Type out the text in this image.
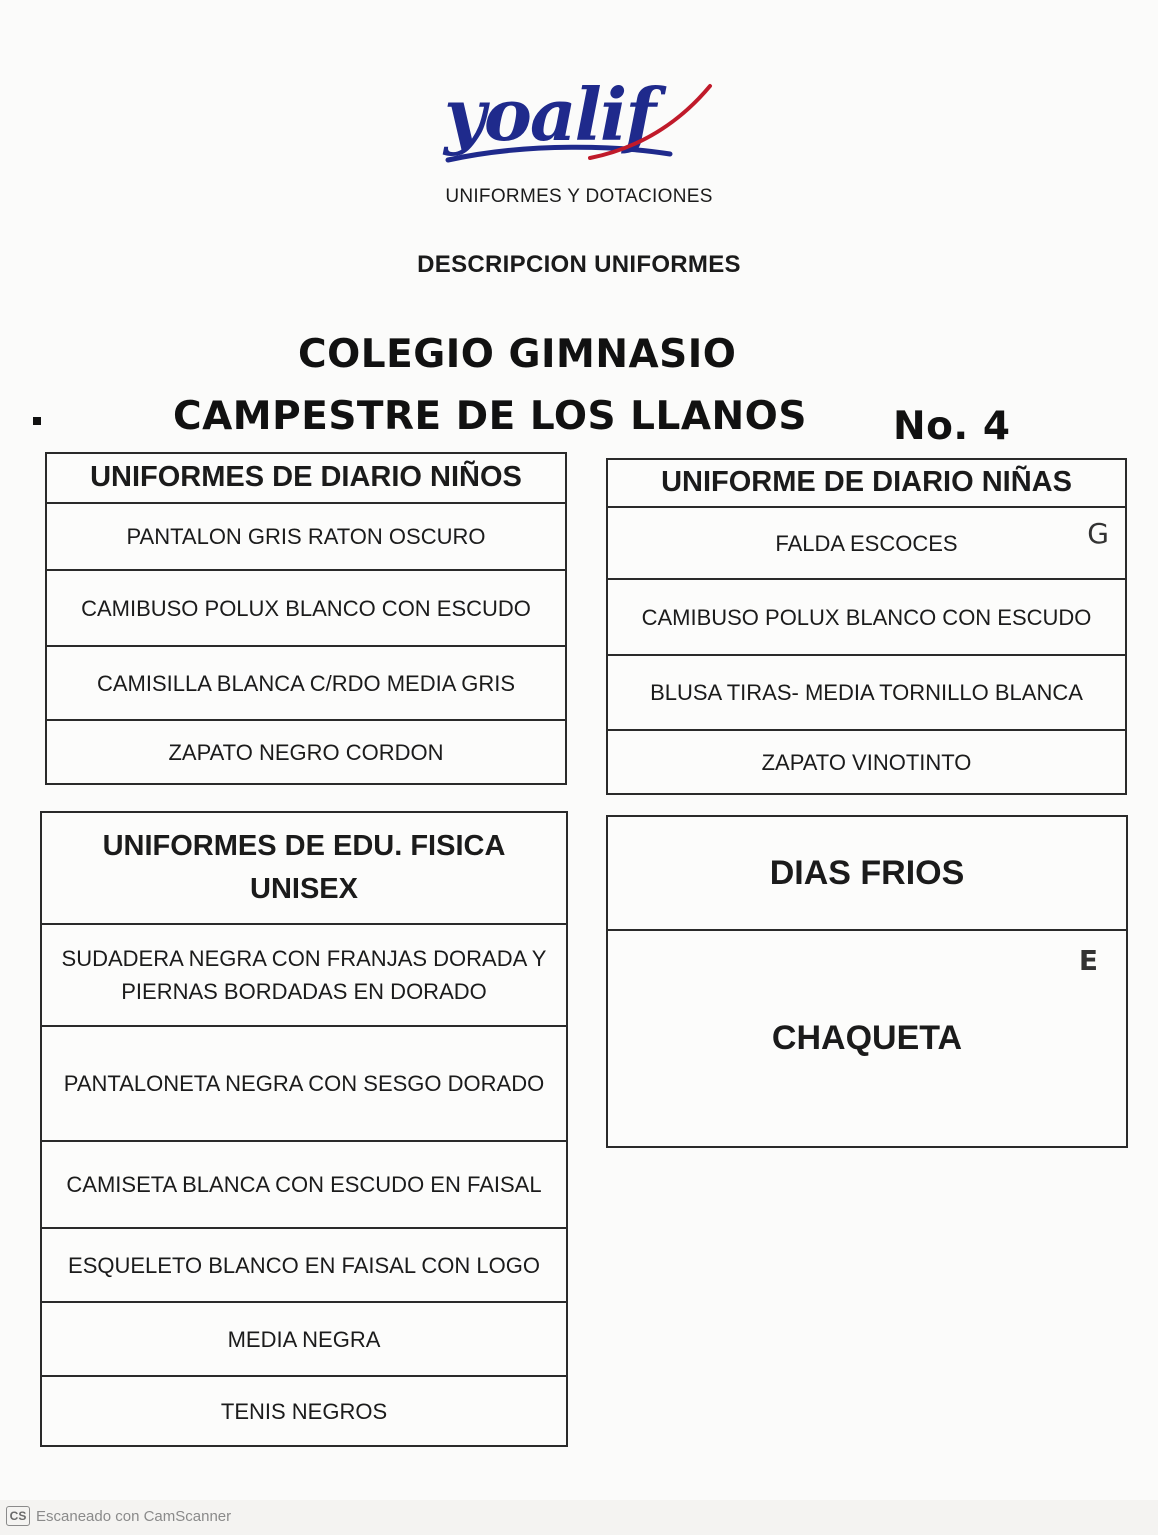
yoalif
UNIFORMES Y DOTACIONES
DESCRIPCION UNIFORMES
COLEGIO GIMNASIO
CAMPESTRE DE LOS LLANOS No. 4
UNIFORMES DE DIARIO NIÑOS
PANTALON GRIS RATON OSCURO
CAMIBUSO POLUX BLANCO CON ESCUDO
CAMISILLA BLANCA C/RDO MEDIA GRIS
ZAPATO NEGRO CORDON
UNIFORME DE DIARIO NIÑAS
FALDA ESCOCES	G
CAMIBUSO POLUX BLANCO CON ESCUDO
BLUSA TIRAS- MEDIA TORNILLO BLANCA
ZAPATO VINOTINTO
UNIFORMES DE EDU. FISICA UNISEX
SUDADERA NEGRA CON FRANJAS DORADA Y PIERNAS BORDADAS EN DORADO
PANTALONETA NEGRA CON SESGO DORADO
CAMISETA BLANCA CON ESCUDO EN FAISAL
ESQUELETO BLANCO EN FAISAL CON LOGO
MEDIA NEGRA
TENIS NEGROS
DIAS FRIOS
CHAQUETA
E
CS Escaneado con CamScanner
